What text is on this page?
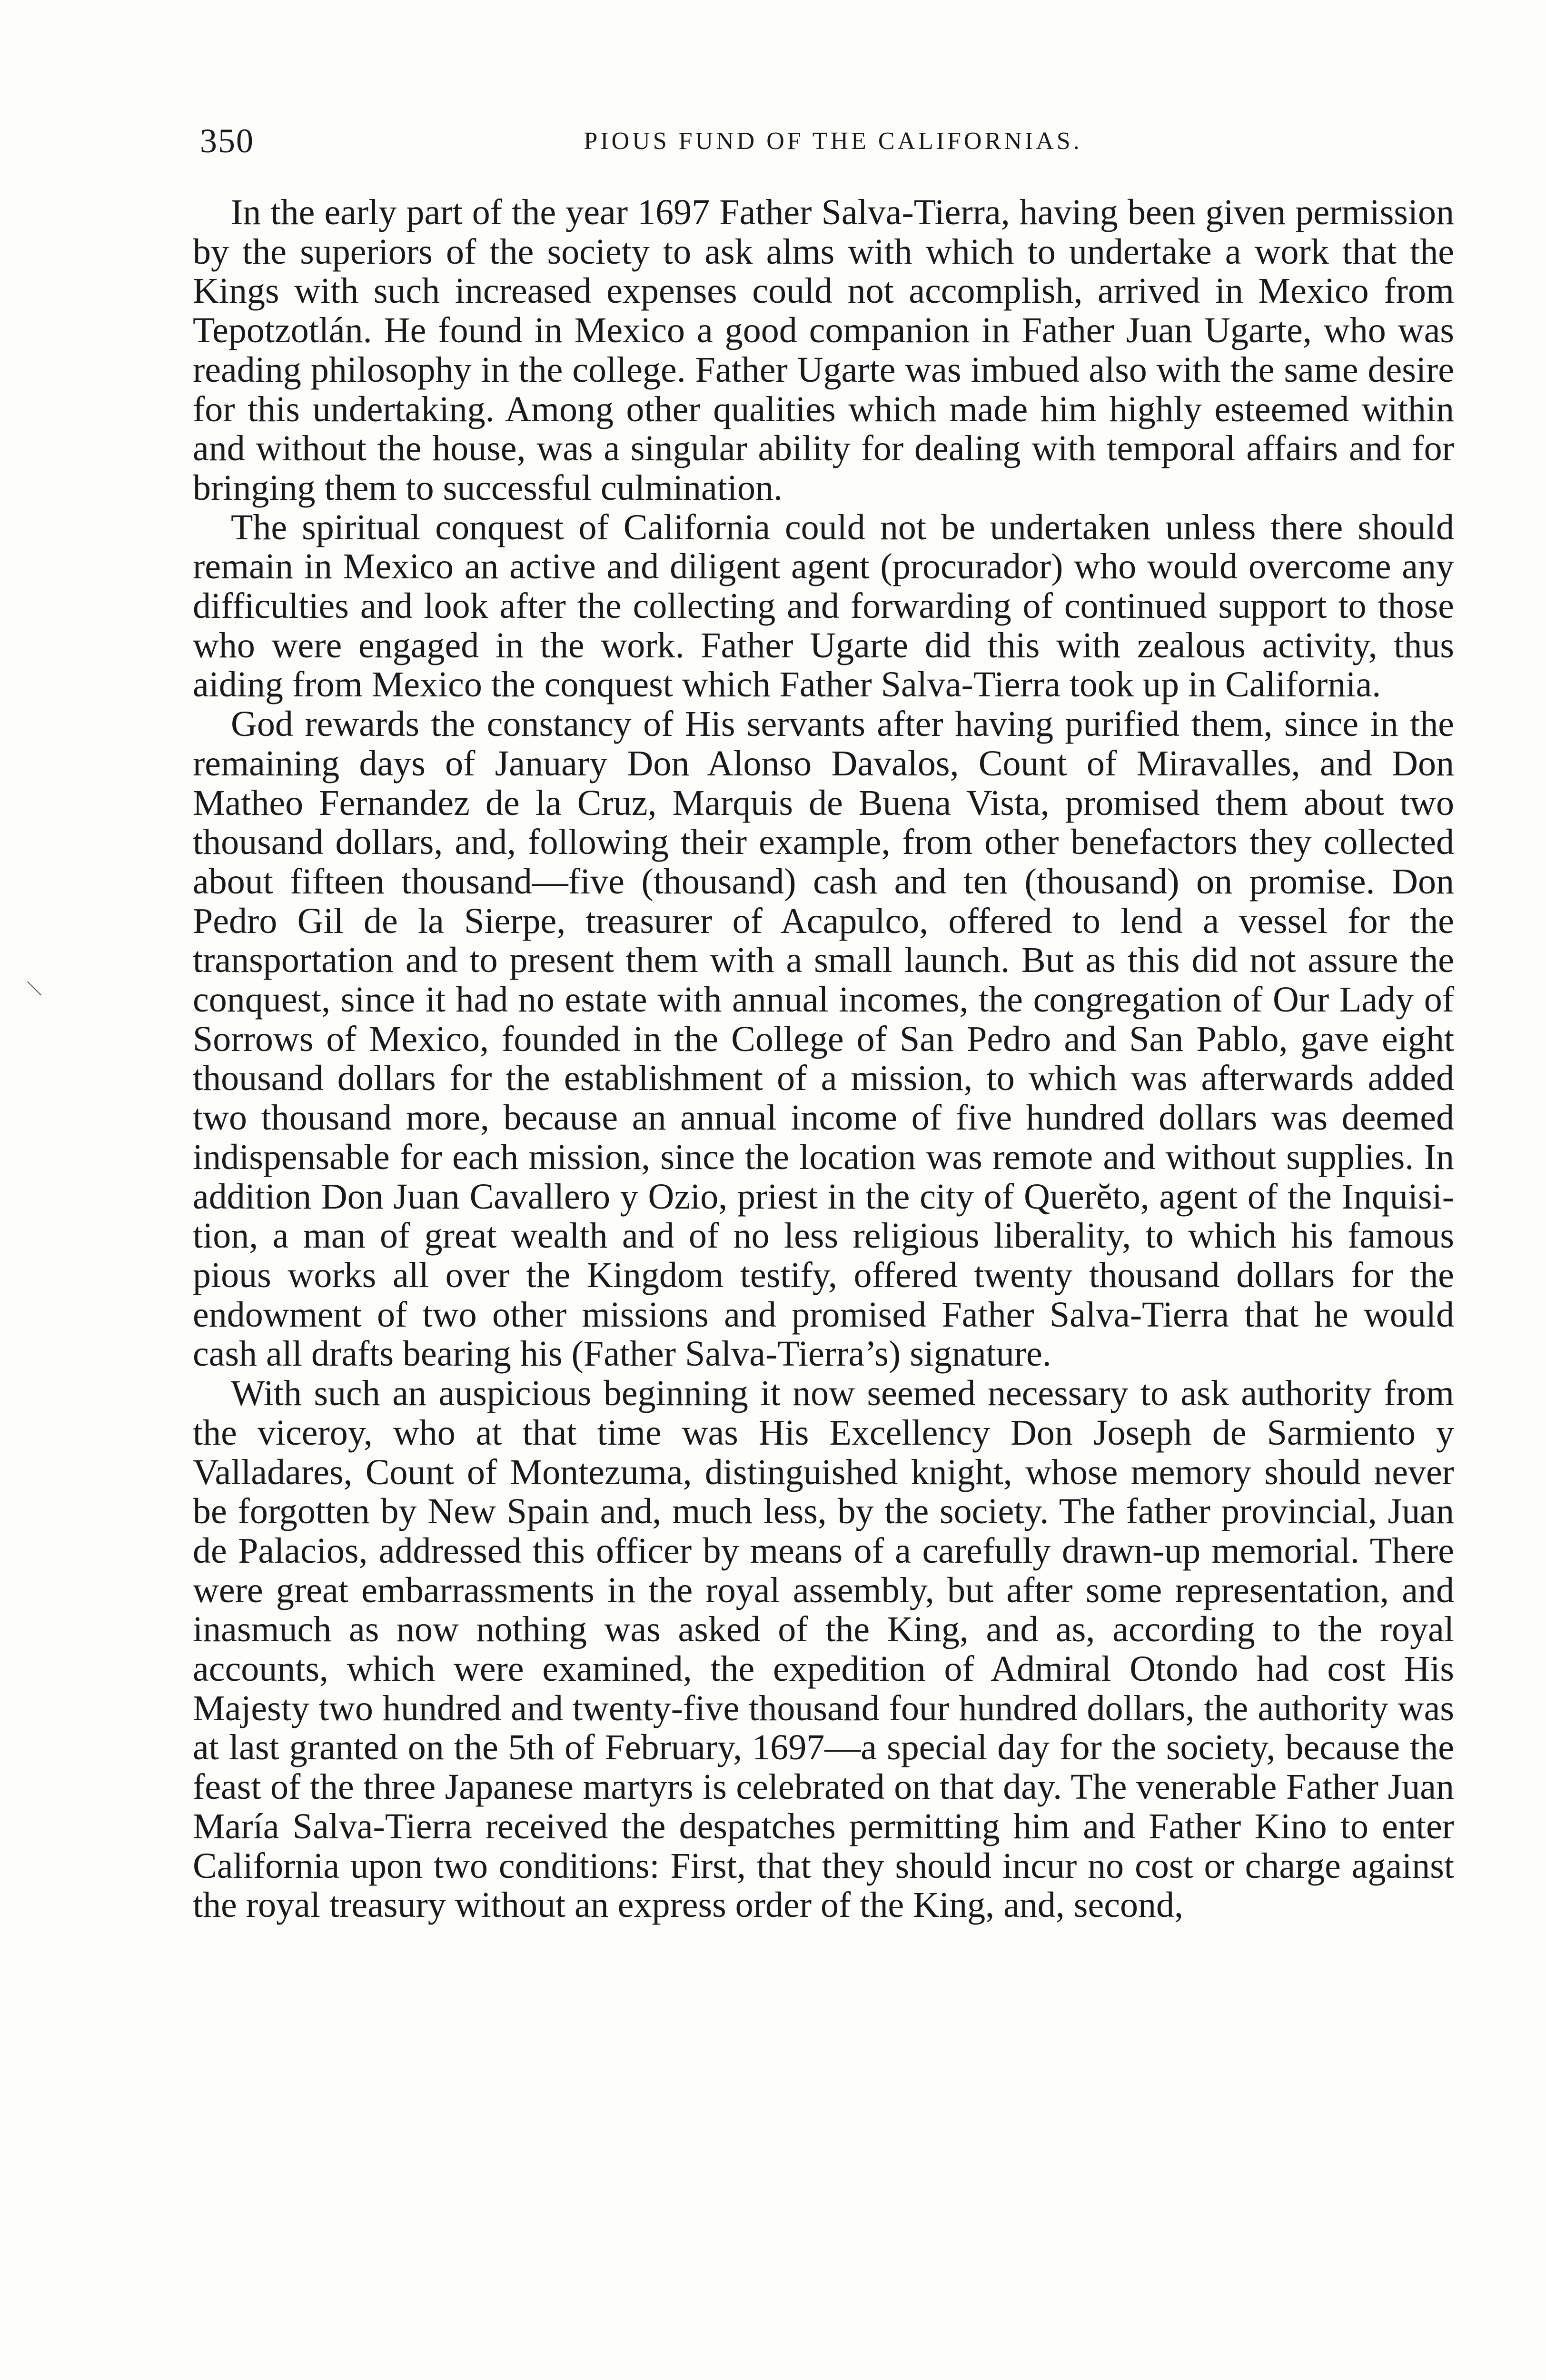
350	PIOUS FUND OF THE CALIFORNIAS.

In the early part of the year 1697 Father Salva-Tierra, having been given permission by the superiors of the society to ask alms with which to undertake a work that the Kings with such increased expenses could not accomplish, arrived in Mexico from Tepotzotlán. He found in Mexico a good companion in Father Juan Ugarte, who was reading philosophy in the college. Father Ugarte was imbued also with the same desire for this undertaking. Among other qualities which made him highly esteemed within and without the house, was a singular ability for dealing with temporal affairs and for bringing them to successful culmination.

The spiritual conquest of California could not be undertaken unless there should remain in Mexico an active and diligent agent (procurador) who would overcome any difficulties and look after the collecting and forwarding of continued support to those who were engaged in the work. Father Ugarte did this with zealous activity, thus aiding from Mexico the conquest which Father Salva-Tierra took up in California.

God rewards the constancy of His servants after having purified them, since in the remaining days of January Don Alonso Davalos, Count of Miravalles, and Don Matheo Fernandez de la Cruz, Marquis de Buena Vista, promised them about two thousand dollars, and, following their example, from other benefactors they collected about fifteen thousand—five (thousand) cash and ten (thousand) on promise. Don Pedro Gil de la Sierpe, treasurer of Acapulco, offered to lend a vessel for the transportation and to present them with a small launch. But as this did not assure the conquest, since it had no estate with annual incomes, the congregation of Our Lady of Sorrows of Mexico, founded in the College of San Pedro and San Pablo, gave eight thousand dollars for the establishment of a mission, to which was afterwards added two thousand more, because an annual income of five hundred dollars was deemed indispensable for each mission, since the location was remote and without supplies. In addition Don Juan Cavallero y Ozio, priest in the city of Querĕto, agent of the Inquisition, a man of great wealth and of no less religious liberality, to which his famous pious works all over the Kingdom testify, offered twenty thousand dollars for the endowment of two other missions and promised Father Salva-Tierra that he would cash all drafts bearing his (Father Salva-Tierra’s) signature.

With such an auspicious beginning it now seemed necessary to ask authority from the viceroy, who at that time was His Excellency Don Joseph de Sarmiento y Valladares, Count of Montezuma, distinguished knight, whose memory should never be forgotten by New Spain and, much less, by the society. The father provincial, Juan de Palacios, addressed this officer by means of a carefully drawn-up memorial. There were great embarrassments in the royal assembly, but after some representation, and inasmuch as now nothing was asked of the King, and as, according to the royal accounts, which were examined, the expedition of Admiral Otondo had cost His Majesty two hundred and twenty-five thousand four hundred dollars, the authority was at last granted on the 5th of February, 1697—a special day for the society, because the feast of the three Japanese martyrs is celebrated on that day. The venerable Father Juan María Salva-Tierra received the despatches permitting him and Father Kino to enter California upon two conditions: First, that they should incur no cost or charge against the royal treasury without an express order of the King, and, second,

—
